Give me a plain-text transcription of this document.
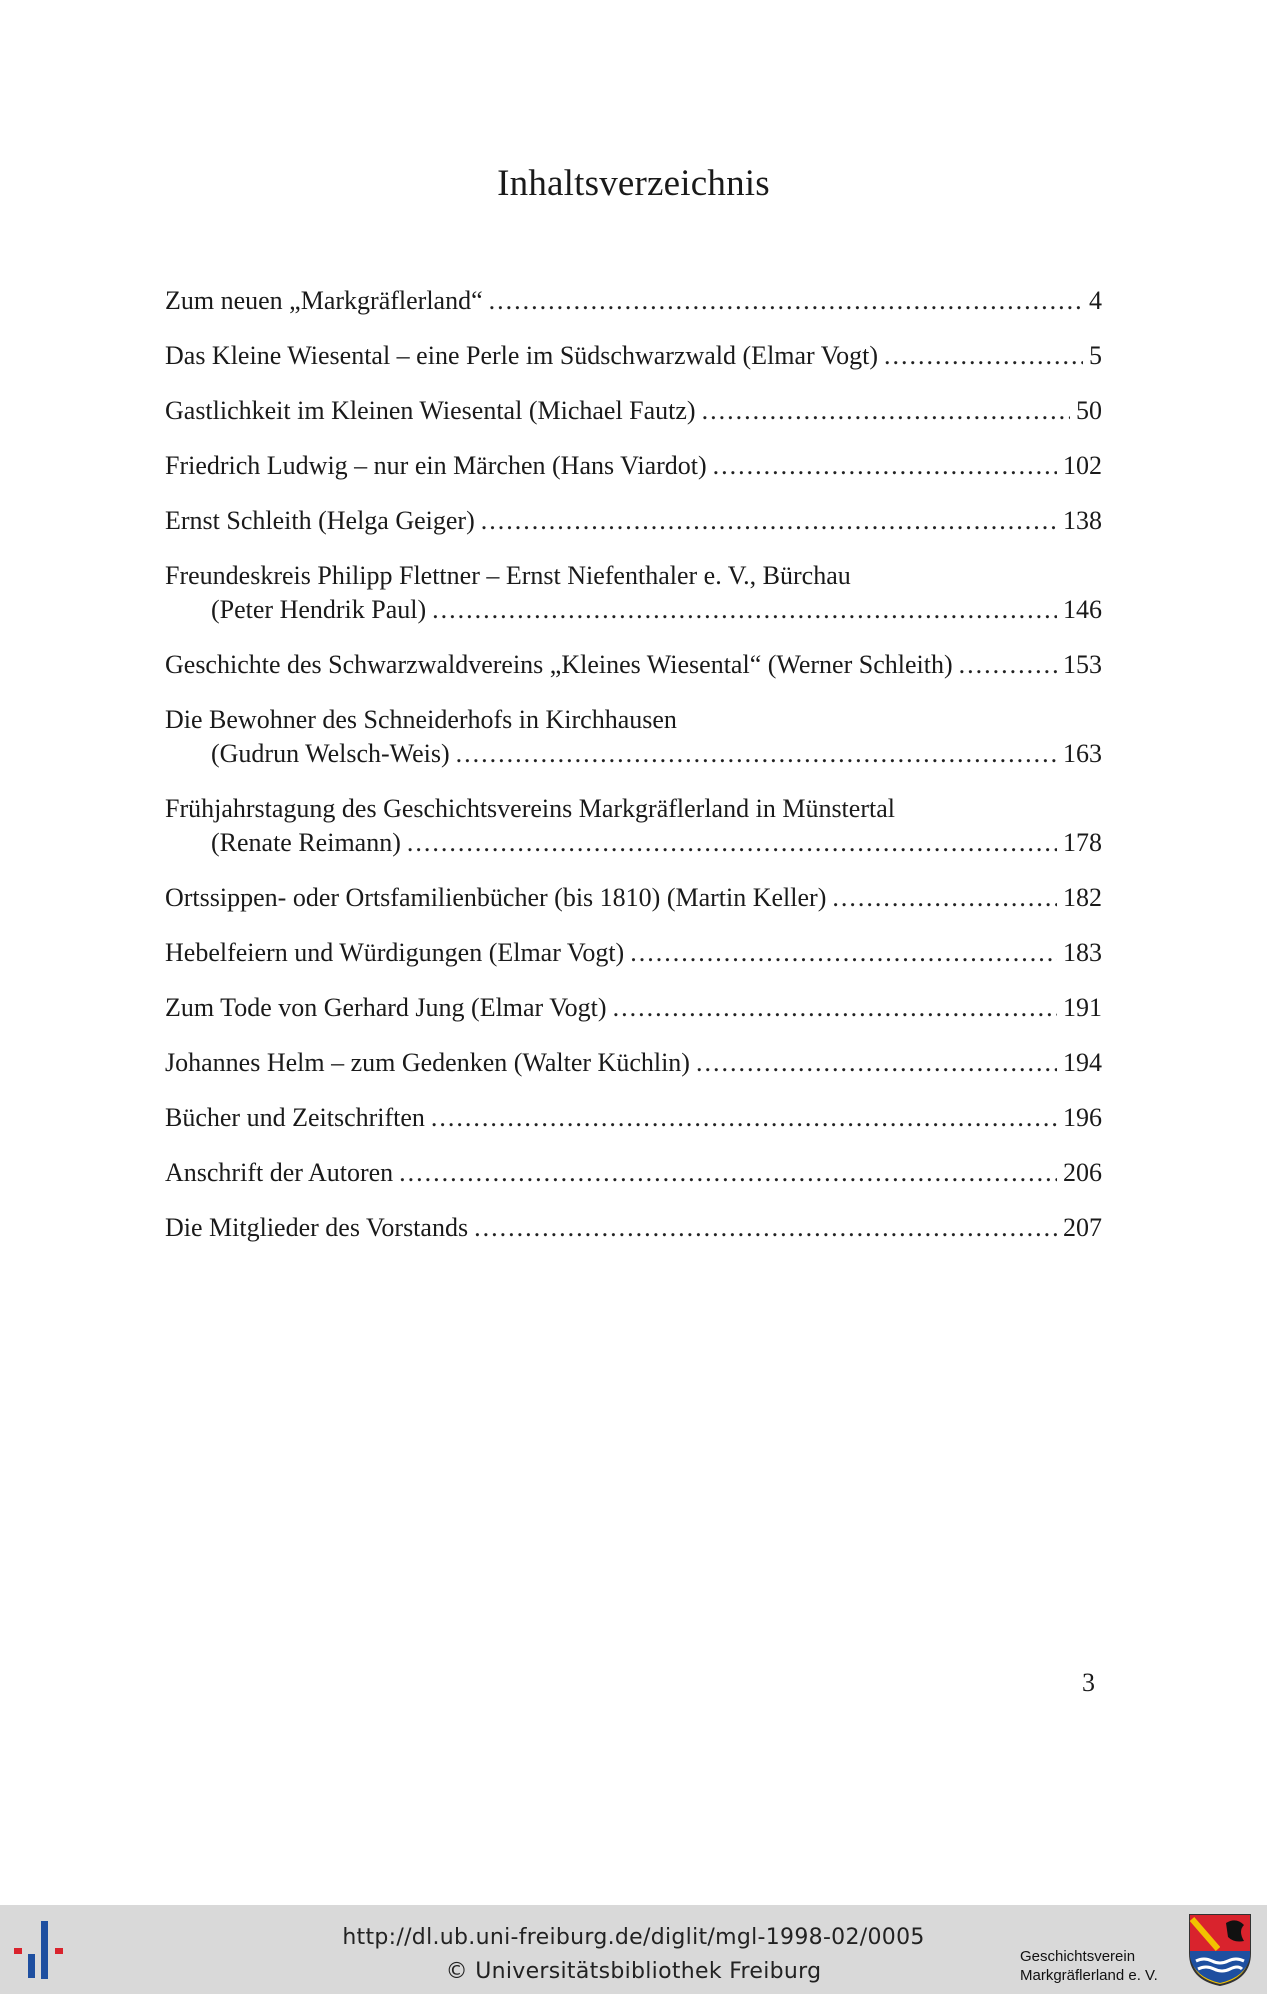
Inhaltsverzeichnis
Zum neuen „Markgräflerland“ .....	4
Das Kleine Wiesental – eine Perle im Südschwarzwald (Elmar Vogt) .....	5
Gastlichkeit im Kleinen Wiesental (Michael Fautz) .....	50
Friedrich Ludwig – nur ein Märchen (Hans Viardot) .....	102
Ernst Schleith (Helga Geiger) .....	138
Freundeskreis Philipp Flettner – Ernst Niefenthaler e. V., Bürchau
(Peter Hendrik Paul) .....	146
Geschichte des Schwarzwaldvereins „Kleines Wiesental“ (Werner Schleith) .....	153
Die Bewohner des Schneiderhofs in Kirchhausen
(Gudrun Welsch-Weis) .....	163
Frühjahrstagung des Geschichtsvereins Markgräflerland in Münstertal
(Renate Reimann) .....	178
Ortssippen- oder Ortsfamilienbücher (bis 1810) (Martin Keller) .....	182
Hebelfeiern und Würdigungen (Elmar Vogt) .....	183
Zum Tode von Gerhard Jung (Elmar Vogt) .....	191
Johannes Helm – zum Gedenken (Walter Küchlin) .....	194
Bücher und Zeitschriften .....	196
Anschrift der Autoren .....	206
Die Mitglieder des Vorstands .....	207
3
http://dl.ub.uni-freiburg.de/diglit/mgl-1998-02/0005
© Universitätsbibliothek Freiburg
Geschichtsverein
Markgräflerland e. V.
